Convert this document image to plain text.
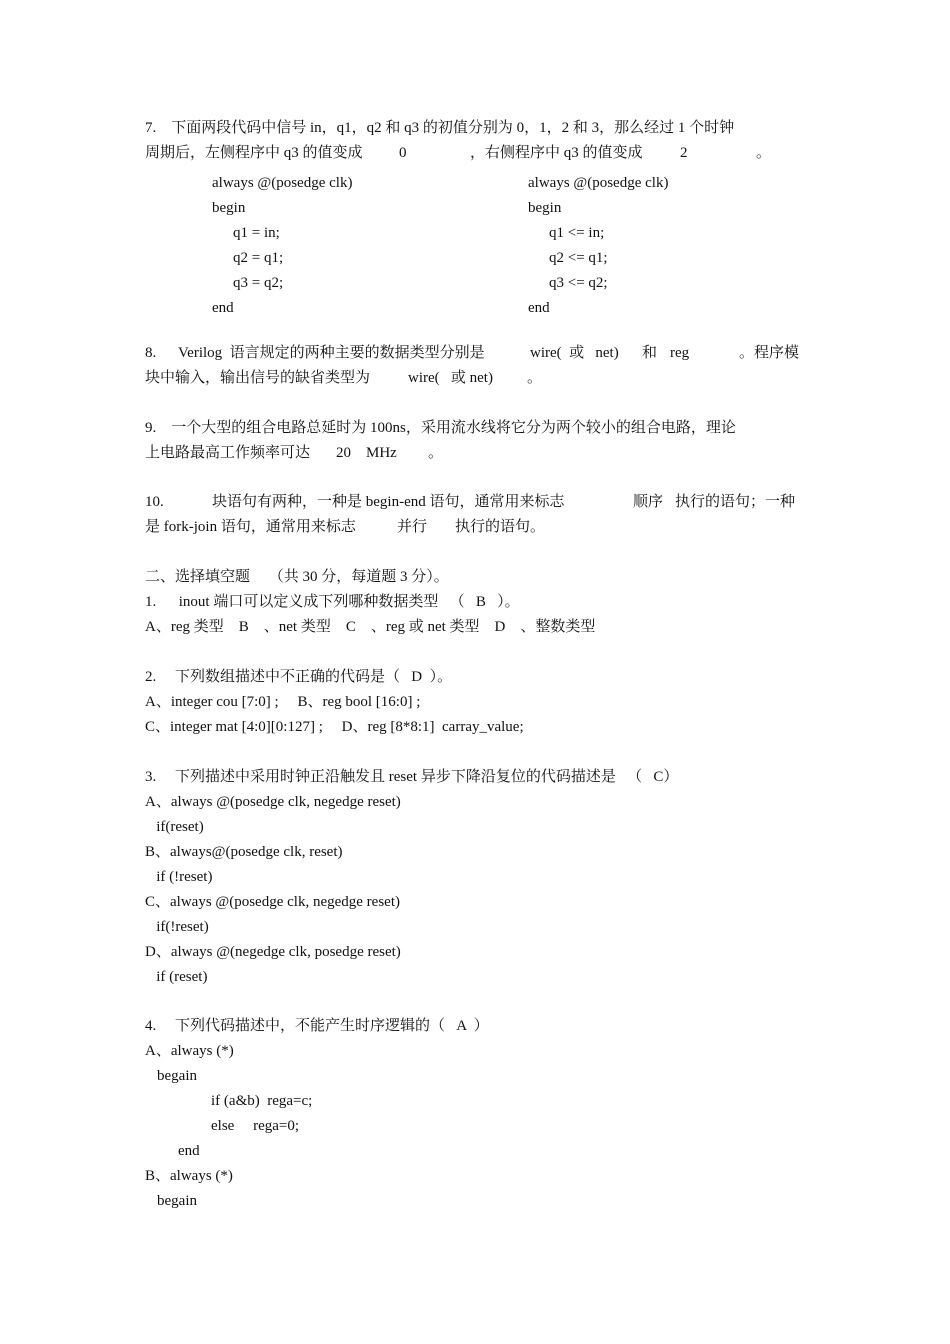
7.    下面两段代码中信号 in，q1，q2 和 q3 的初值分别为 0，1，2 和 3，那么经过 1 个时钟
周期后，左侧程序中 q3 的值变成 0	，右侧程序中 q3 的值变成 2	。
always @(posedge clk)
begin
q1 = in;
q2 = q1;
q3 = q2;
end
always @(posedge clk)
begin
q1 <= in;
q2 <= q1;
q3 <= q2;
end
8. Verilog  语言规定的两种主要的数据类型分别是	wire(  或   net) 和 reg	。程序模
块中输入，输出信号的缺省类型为	wire(   或 net) 。
9.    一个大型的组合电路总延时为 100ns，采用流水线将它分为两个较小的组合电路，理论
上电路最高工作频率可达 20    MHz 。
10.	块语句有两种，一种是 begin-end 语句，通常用来标志	顺序 执行的语句；一种
是 fork-join 语句，通常用来标志	并行 执行的语句。
二、选择填空题     （共 30 分，每道题 3 分）。
1.      inout 端口可以定义成下列哪种数据类型   （   B   ）。
A、reg 类型    B    、net 类型    C    、reg 或 net 类型    D    、整数类型
2.     下列数组描述中不正确的代码是（   D  ）。
A、integer cou [7:0] ;     B、reg bool [16:0] ;
C、integer mat [4:0][0:127] ;     D、reg [8*8:1]  carray_value;
3.     下列描述中采用时钟正沿触发且 reset 异步下降沿复位的代码描述是   （   C）
A、always @(posedge clk, negedge reset)
if(reset)
B、always@(posedge clk, reset)
if (!reset)
C、always @(posedge clk, negedge reset)
if(!reset)
D、always @(negedge clk, posedge reset)
if (reset)
4.     下列代码描述中，不能产生时序逻辑的（   A  ）
A、always (*)
begain
if (a&b)  rega=c;
else     rega=0;
end
B、always (*)
begain
